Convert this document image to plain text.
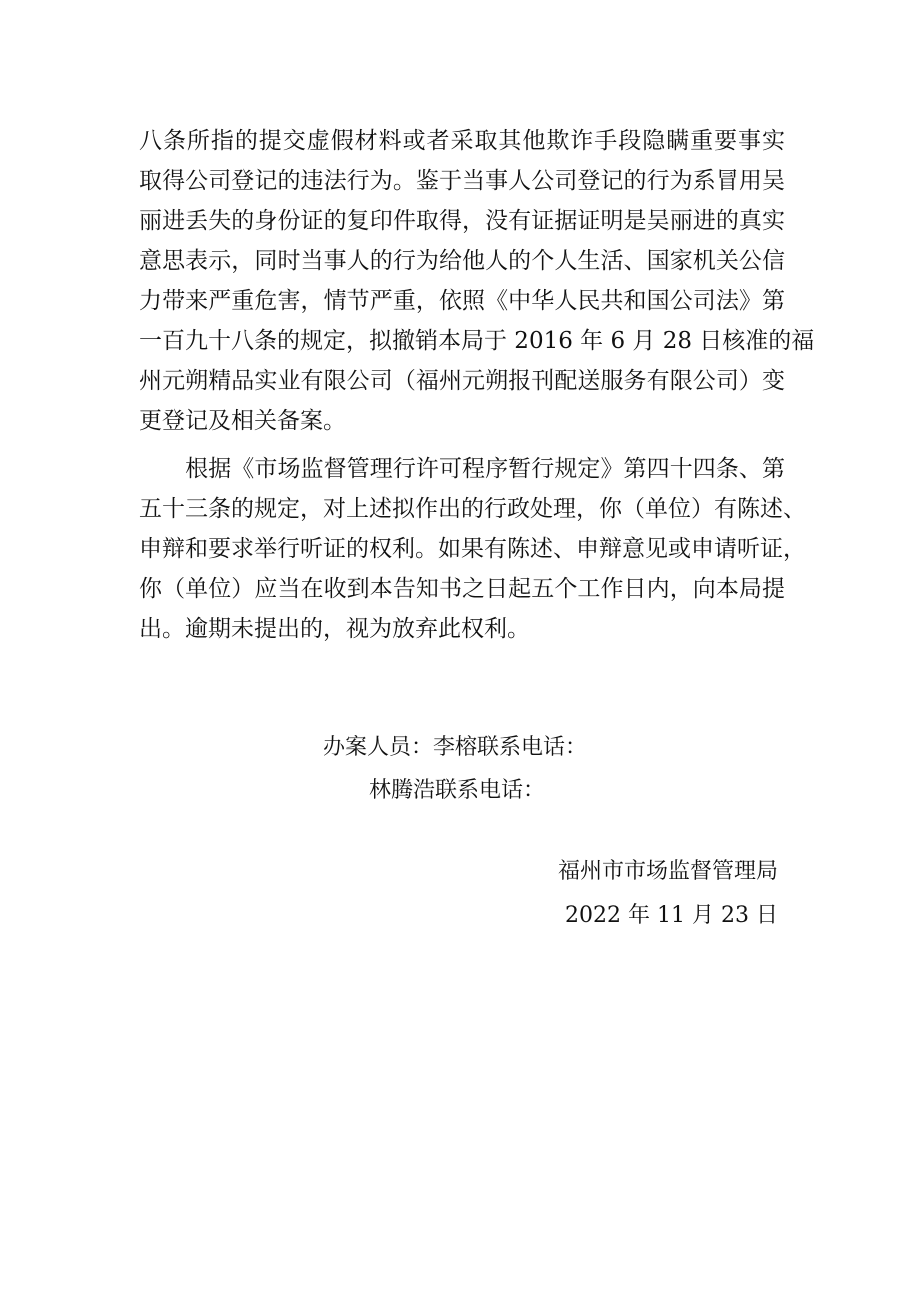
八条所指的提交虚假材料或者采取其他欺诈手段隐瞒重要事实
取得公司登记的违法行为。鉴于当事人公司登记的行为系冒用吴
丽进丢失的身份证的复印件取得，没有证据证明是吴丽进的真实
意思表示，同时当事人的行为给他人的个人生活、国家机关公信
力带来严重危害，情节严重，依照《中华人民共和国公司法》第
一百九十八条的规定，拟撤销本局于 2016 年 6 月 28 日核准的福
州元朔精品实业有限公司（福州元朔报刊配送服务有限公司）变
更登记及相关备案。
　　根据《市场监督管理行许可程序暂行规定》第四十四条、第
五十三条的规定，对上述拟作出的行政处理，你（单位）有陈述、
申辩和要求举行听证的权利。如果有陈述、申辩意见或申请听证，
你（单位）应当在收到本告知书之日起五个工作日内，向本局提
出。逾期未提出的，视为放弃此权利。
办案人员：李榕联系电话：
林腾浩联系电话：
福州市市场监督管理局
2022 年 11 月 23 日
